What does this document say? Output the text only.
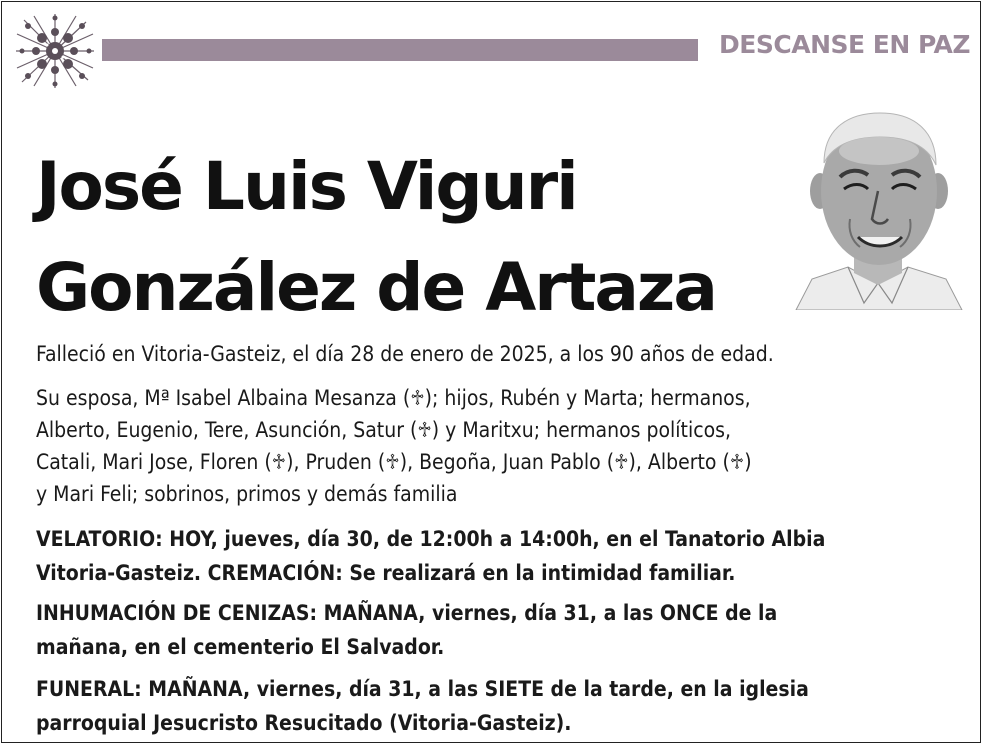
DESCANSE EN PAZ
José Luis Viguri
González de Artaza
Falleció en Vitoria-Gasteiz, el día 28 de enero de 2025, a los 90 años de edad.
Su esposa, Mª Isabel Albaina Mesanza (♱); hijos, Rubén y Marta; hermanos,
Alberto, Eugenio, Tere, Asunción, Satur (♱) y Maritxu; hermanos políticos,
Catali, Mari Jose, Floren (♱), Pruden (♱), Begoña, Juan Pablo (♱), Alberto (♱)
y Mari Feli; sobrinos, primos y demás familia
VELATORIO: HOY, jueves, día 30, de 12:00h a 14:00h, en el Tanatorio Albia
Vitoria-Gasteiz. CREMACIÓN: Se realizará en la intimidad familiar.
INHUMACIÓN DE CENIZAS: MAÑANA, viernes, día 31, a las ONCE de la
mañana, en el cementerio El Salvador.
FUNERAL: MAÑANA, viernes, día 31, a las SIETE de la tarde, en la iglesia
parroquial Jesucristo Resucitado (Vitoria-Gasteiz).
